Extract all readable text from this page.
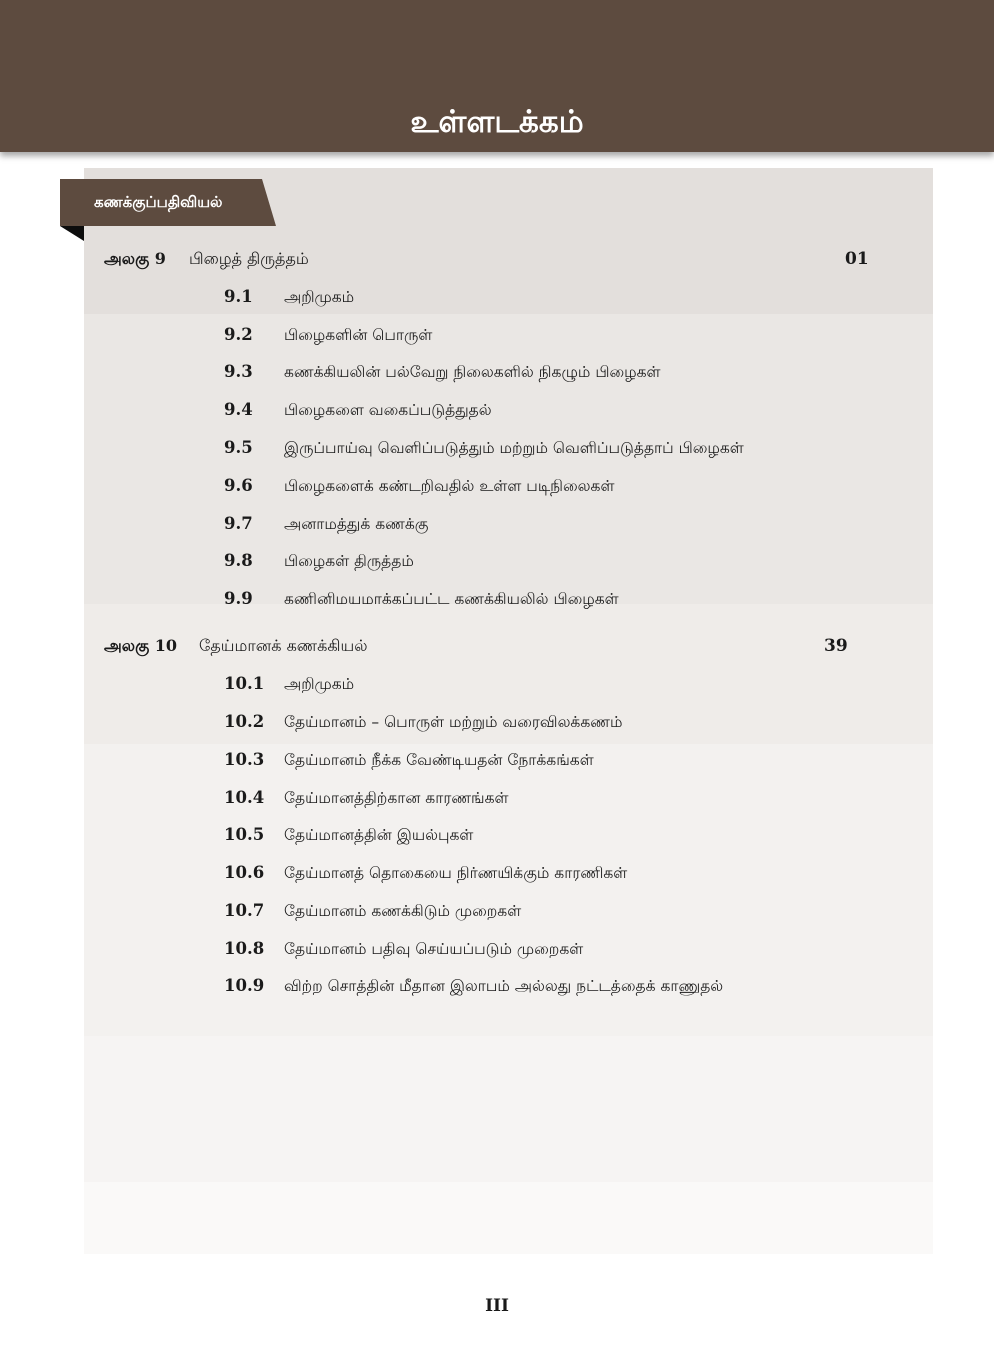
உள்ளடக்கம்
கணக்குப்பதிவியல்
அலகு 9 பிழைத் திருத்தம்	01
9.1 அறிமுகம்
9.2 பிழைகளின் பொருள்
9.3 கணக்கியலின் பல்வேறு நிலைகளில் நிகழும் பிழைகள்
9.4 பிழைகளை வகைப்படுத்துதல்
9.5 இருப்பாய்வு வெளிப்படுத்தும் மற்றும் வெளிப்படுத்தாப் பிழைகள்
9.6 பிழைகளைக் கண்டறிவதில் உள்ள படிநிலைகள்
9.7 அனாமத்துக் கணக்கு
9.8 பிழைகள் திருத்தம்
9.9 கணினிமயமாக்கப்பட்ட கணக்கியலில் பிழைகள்
அலகு 10 தேய்மானக் கணக்கியல்	39
10.1 அறிமுகம்
10.2 தேய்மானம் – பொருள் மற்றும் வரைவிலக்கணம்
10.3 தேய்மானம் நீக்க வேண்டியதன் நோக்கங்கள்
10.4 தேய்மானத்திற்கான காரணங்கள்
10.5 தேய்மானத்தின் இயல்புகள்
10.6 தேய்மானத் தொகையை நிர்ணயிக்கும் காரணிகள்
10.7 தேய்மானம் கணக்கிடும் முறைகள்
10.8 தேய்மானம் பதிவு செய்யப்படும் முறைகள்
10.9 விற்ற சொத்தின் மீதான இலாபம் அல்லது நட்டத்தைக் காணுதல்
III
